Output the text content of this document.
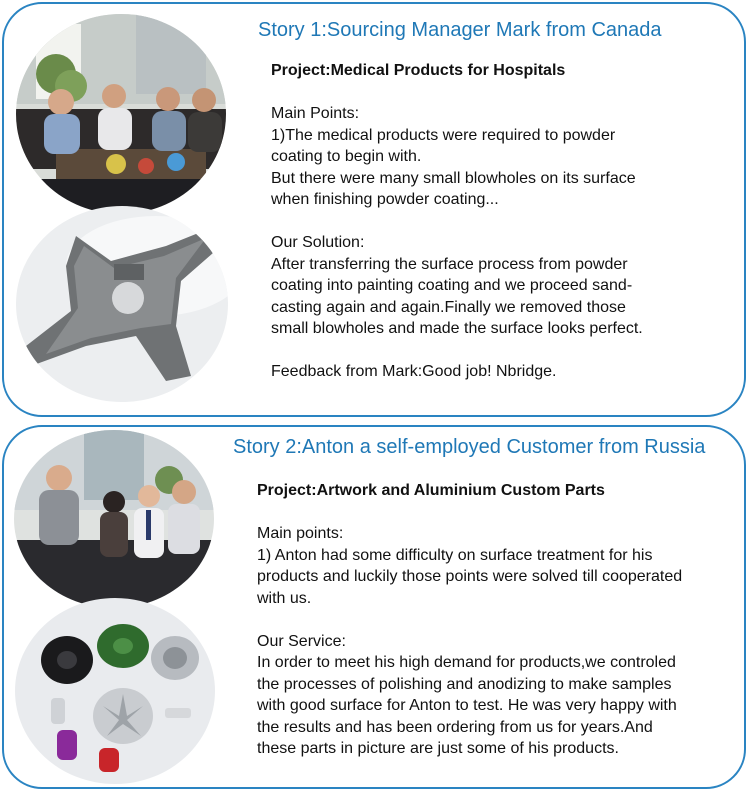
Story 1:Sourcing Manager Mark from Canada
Project:Medical Products for Hospitals
Main Points:
1)The medical products were required to powder
coating to begin with.
But there were many small blowholes on its surface
when finishing powder coating...
Our Solution:
After transferring the surface process from powder
coating into painting coating and we proceed sand-
casting again and again.Finally we removed those
small blowholes and made the surface looks perfect.
Feedback from Mark:Good job! Nbridge.
Story 2:Anton a self-employed Customer from Russia
Project:Artwork and Aluminium Custom Parts
Main points:
1) Anton had some difficulty on surface treatment for his
products and luckily those points were solved till cooperated
with us.
Our Service:
In order to meet his high demand for products,we controled
the processes of polishing and anodizing to make samples
with good surface for Anton to test. He was very happy with
the results and has been ordering from us for years.And
these parts in picture are just some of his products.
